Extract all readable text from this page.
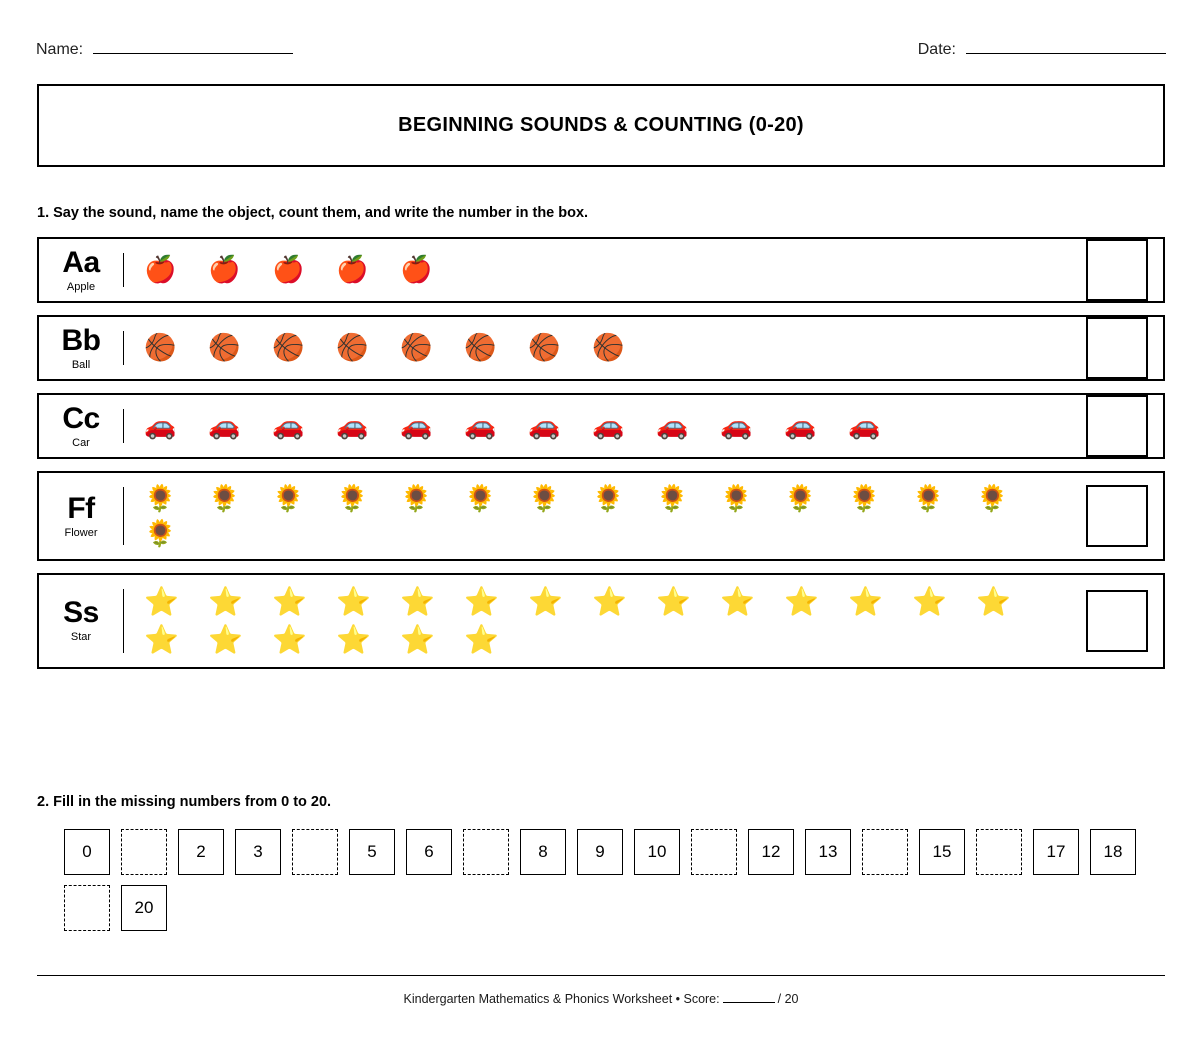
Name:	Date:
BEGINNING SOUNDS & COUNTING (0-20)
1. Say the sound, name the object, count them, and write the number in the box.
Aa
Apple
🍎	🍎	🍎	🍎	🍎
Bb
Ball
🏀	🏀	🏀	🏀	🏀	🏀	🏀	🏀
Cc
Car
🚗	🚗	🚗	🚗	🚗	🚗	🚗	🚗	🚗	🚗	🚗	🚗
Ff
Flower
🌻	🌻	🌻	🌻	🌻	🌻	🌻	🌻	🌻	🌻	🌻	🌻	🌻	🌻
🌻
Ss
Star
⭐	⭐	⭐	⭐	⭐	⭐	⭐	⭐	⭐	⭐	⭐	⭐	⭐	⭐
⭐	⭐	⭐	⭐	⭐	⭐
2. Fill in the missing numbers from 0 to 20.
0	2	3	5	6	8	9	10	12	13	15	17	18
20
Kindergarten Mathematics & Phonics Worksheet • Score:	/ 20
